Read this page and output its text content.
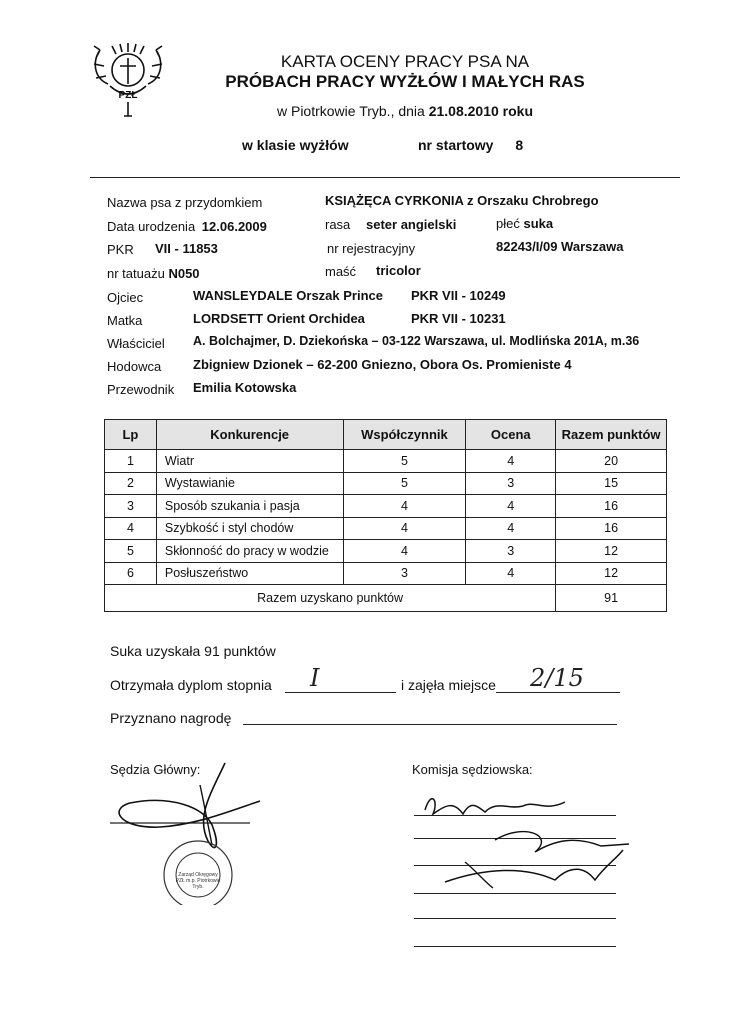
PZŁ
KARTA OCENY PRACY PSA NA
PRÓBACH PRACY WYŻŁÓW I MAŁYCH RAS
w Piotrkowie Tryb., dnia 21.08.2010 roku
w klasie wyżłów	nr startowy 8
Nazwa psa z przydomkiem	KSIĄŻĘCA CYRKONIA z Orszaku Chrobrego
Data urodzenia 12.06.2009	rasa seter angielski	płeć suka
PKR VII - 11853	nr rejestracyjny	82243/I/09 Warszawa
nr tatuażu N050	maść tricolor
Ojciec	WANSLEYDALE Orszak Prince PKR VII - 10249
Matka	LORDSETT Orient Orchidea	PKR VII - 10231
Właściciel A. Bolchajmer, D. Dziekońska – 03-122 Warszawa, ul. Modlińska 201A, m.36
Hodowca Zbigniew Dzionek – 62-200 Gniezno, Obora Os. Promieniste 4
Przewodnik Emilia Kotowska
Lp	Konkurencje	Współczynnik	Ocena	Razem punktów
1	Wiatr	5	4	20
2	Wystawianie	5	3	15
3	Sposób szukania i pasja	4	4	16
4	Szybkość i styl chodów	4	4	16
5	Skłonność do pracy w wodzie	4	3	12
6	Posłuszeństwo	3	4	12
Razem uzyskano punktów				91
Suka uzyskała 91 punktów
Otrzymała dyplom stopnia I	i zajęła miejsce 2/15
Przyznano nagrodę
Sędzia Główny:	Komisja sędziowska:
Zarząd Okręgowy PZŁ m.p. Piotrkowie Tryb.
